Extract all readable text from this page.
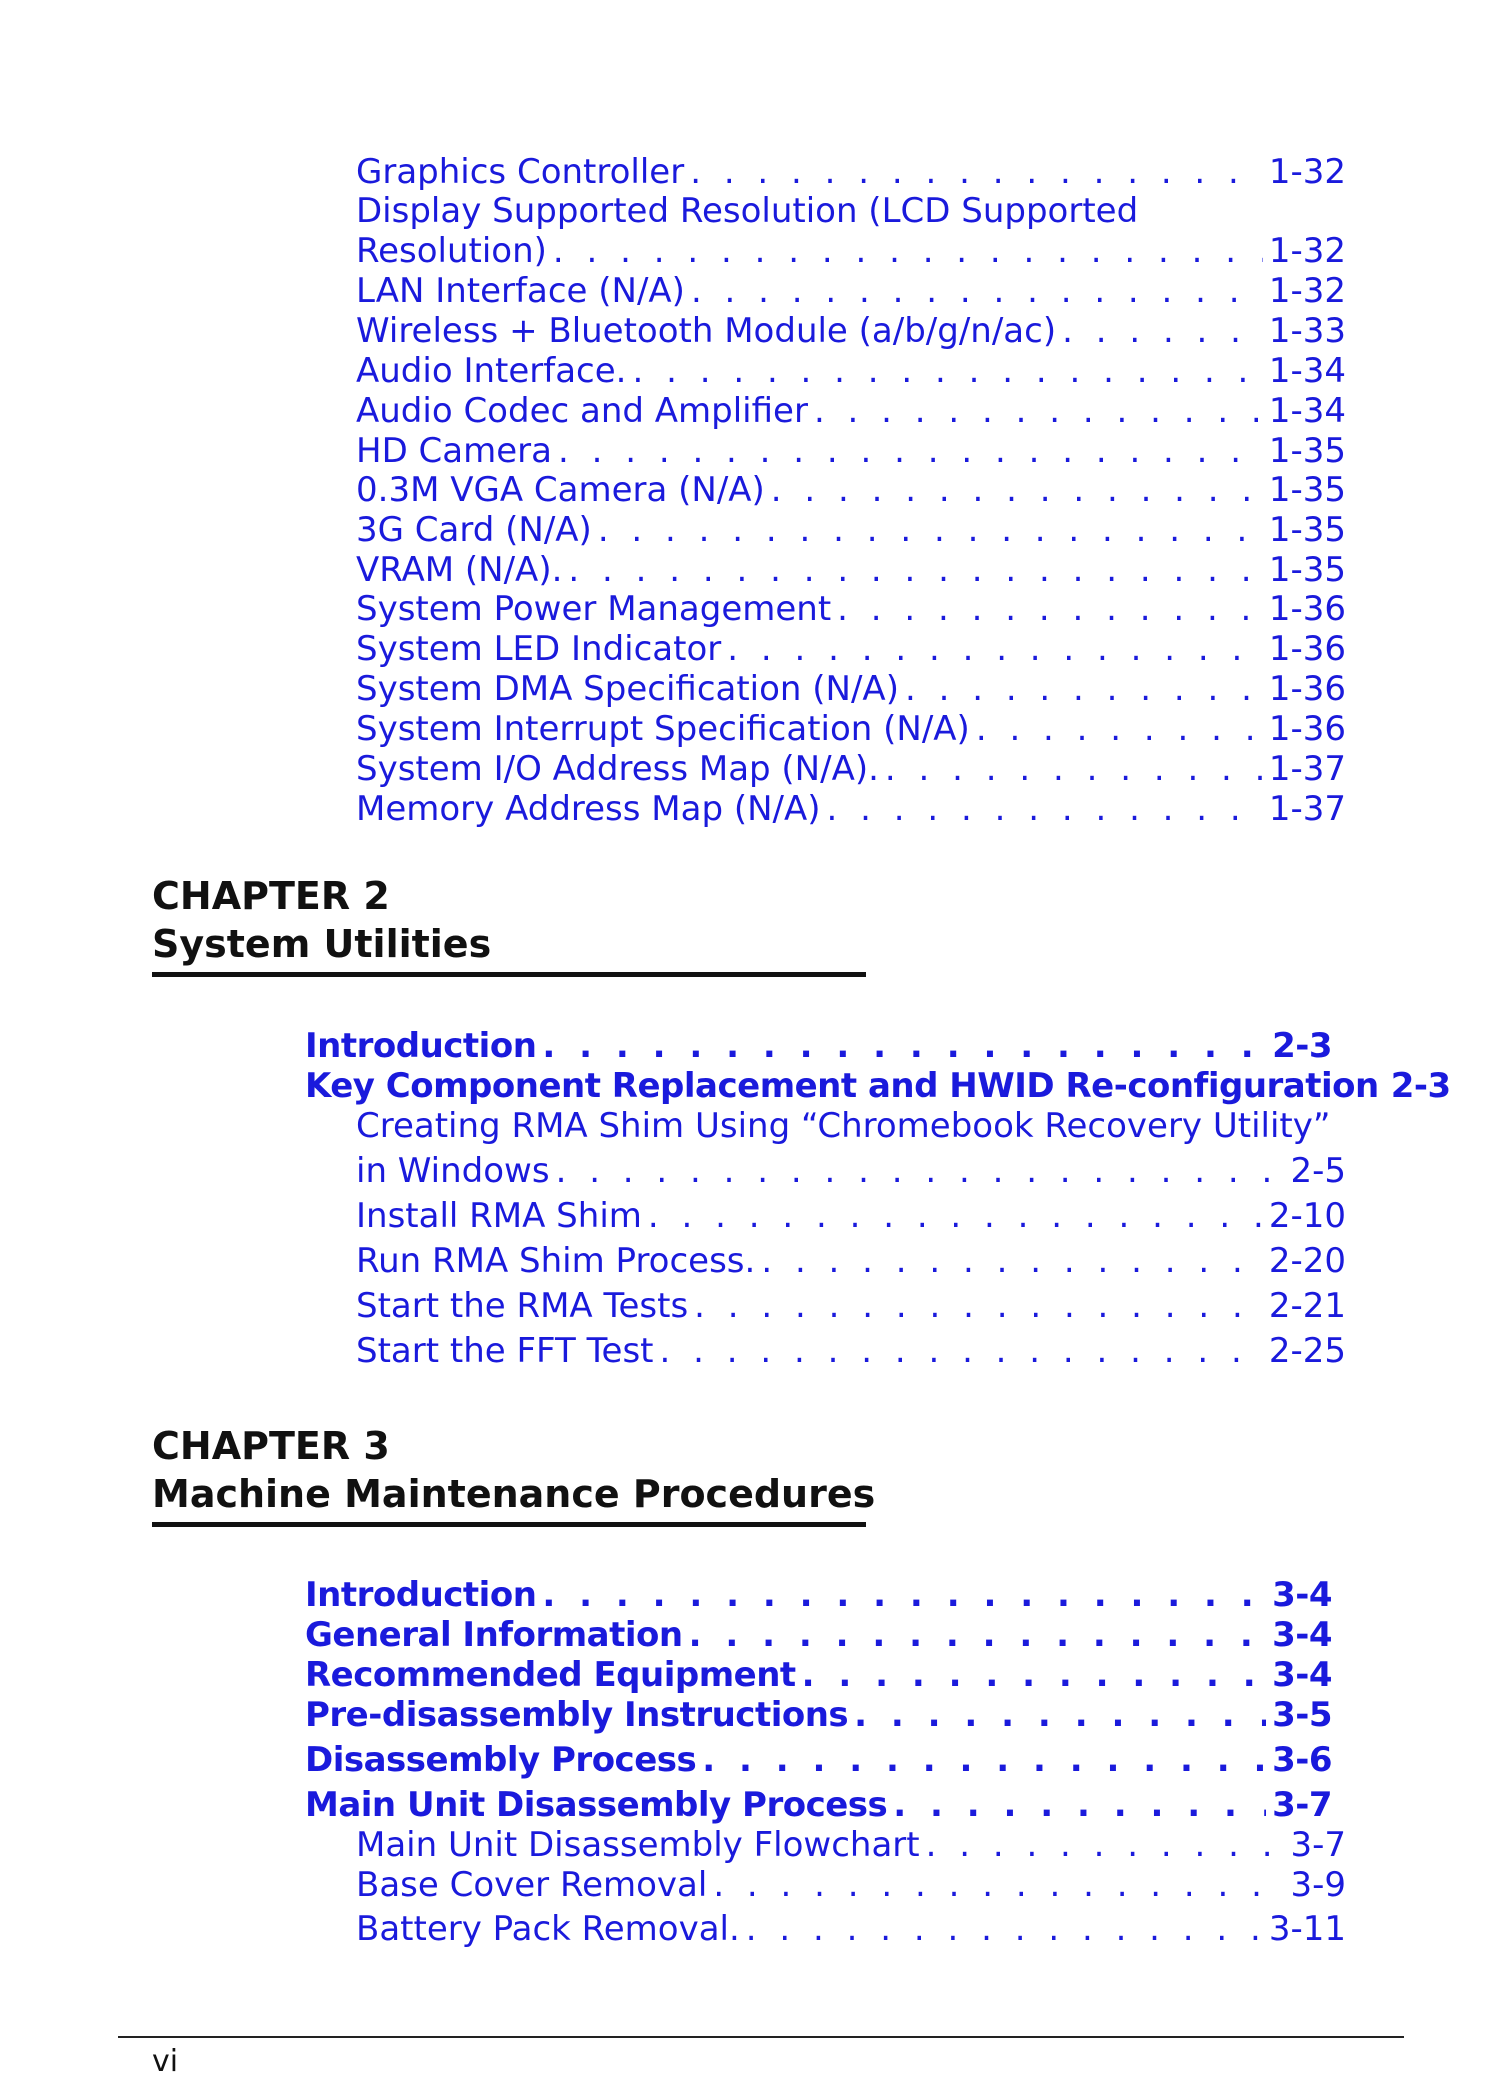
Graphics Controller . . .	1-32
Display Supported Resolution (LCD Supported
Resolution) . . .	1-32
LAN Interface (N/A) . . .	1-32
Wireless + Bluetooth Module (a/b/g/n/ac) . . .	1-33
Audio Interface. . . .	1-34
Audio Codec and Amplifier . . .	1-34
HD Camera . . .	1-35
0.3M VGA Camera (N/A) . . .	1-35
3G Card (N/A) . . .	1-35
VRAM (N/A). . . .	1-35
System Power Management . . .	1-36
System LED Indicator . . .	1-36
System DMA Specification (N/A) . . .	1-36
System Interrupt Specification (N/A) . . .	1-36
System I/O Address Map (N/A). . . .	1-37
Memory Address Map (N/A) . . .	1-37
CHAPTER 2
System Utilities
Introduction . . .	2-3
Key Component Replacement and HWID Re-configuration 2-3
Creating RMA Shim Using “Chromebook Recovery Utility”
in Windows . . .	2-5
Install RMA Shim . . .	2-10
Run RMA Shim Process. . . .	2-20
Start the RMA Tests . . .	2-21
Start the FFT Test . . .	2-25
CHAPTER 3
Machine Maintenance Procedures
Introduction . . .	3-4
General Information . . .	3-4
Recommended Equipment . . .	3-4
Pre-disassembly Instructions . . .	3-5
Disassembly Process . . .	3-6
Main Unit Disassembly Process . . .	3-7
Main Unit Disassembly Flowchart . . .	3-7
Base Cover Removal . . .	3-9
Battery Pack Removal. . . .	3-11
vi
